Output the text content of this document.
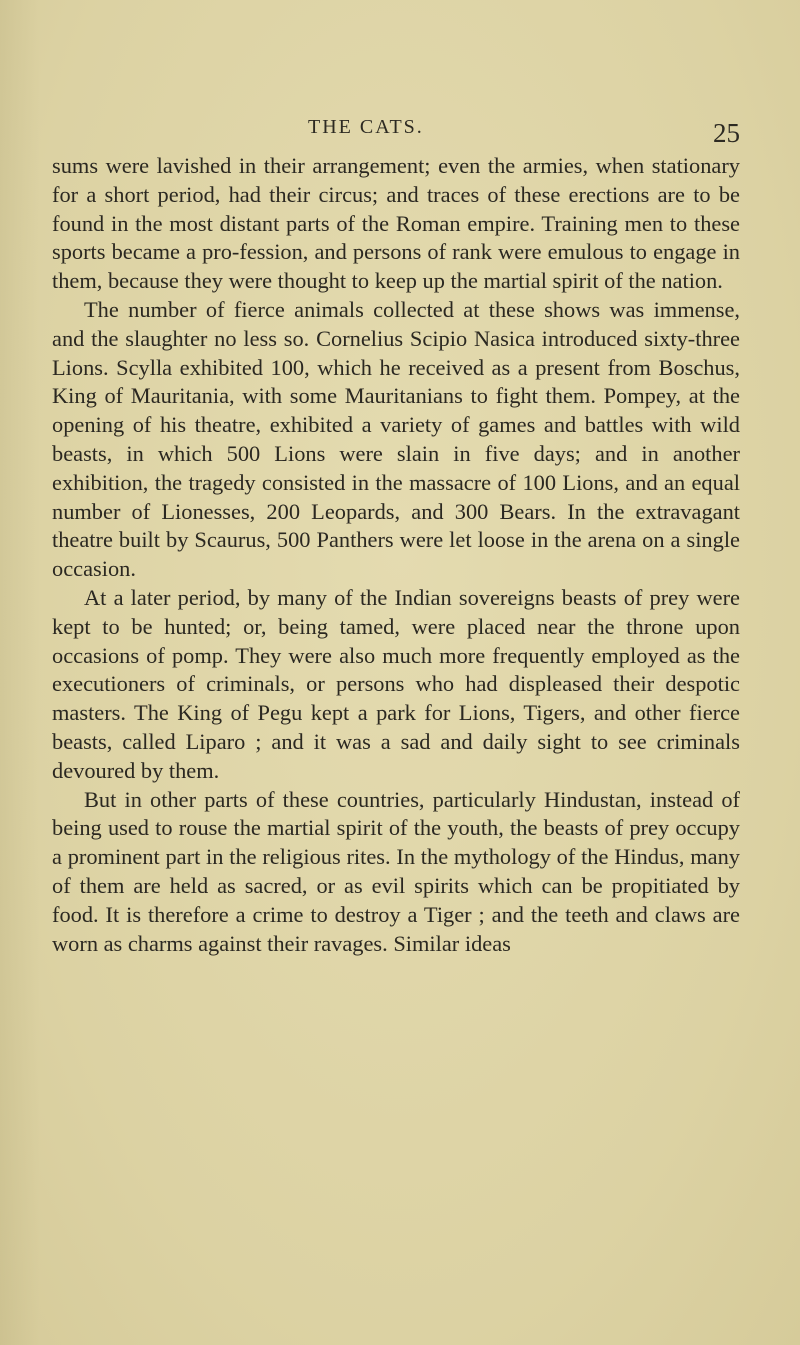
THE CATS.	25

sums were lavished in their arrangement; even the armies, when stationary for a short period, had their circus; and traces of these erections are to be found in the most distant parts of the Roman empire. Training men to these sports became a pro-fession, and persons of rank were emulous to engage in them, because they were thought to keep up the martial spirit of the nation.

The number of fierce animals collected at these shows was immense, and the slaughter no less so. Cornelius Scipio Nasica introduced sixty-three Lions. Scylla exhibited 100, which he received as a present from Boschus, King of Mauritania, with some Mauritanians to fight them. Pompey, at the opening of his theatre, exhibited a variety of games and battles with wild beasts, in which 500 Lions were slain in five days; and in another exhibition, the tragedy consisted in the massacre of 100 Lions, and an equal number of Lionesses, 200 Leopards, and 300 Bears. In the extravagant theatre built by Scaurus, 500 Panthers were let loose in the arena on a single occasion.

At a later period, by many of the Indian sovereigns beasts of prey were kept to be hunted; or, being tamed, were placed near the throne upon occasions of pomp. They were also much more frequently employed as the executioners of criminals, or persons who had displeased their despotic masters. The King of Pegu kept a park for Lions, Tigers, and other fierce beasts, called Liparo ; and it was a sad and daily sight to see criminals devoured by them.

But in other parts of these countries, particularly Hindustan, instead of being used to rouse the martial spirit of the youth, the beasts of prey occupy a prominent part in the religious rites. In the mythology of the Hindus, many of them are held as sacred, or as evil spirits which can be propitiated by food. It is therefore a crime to destroy a Tiger ; and the teeth and claws are worn as charms against their ravages. Similar ideas
